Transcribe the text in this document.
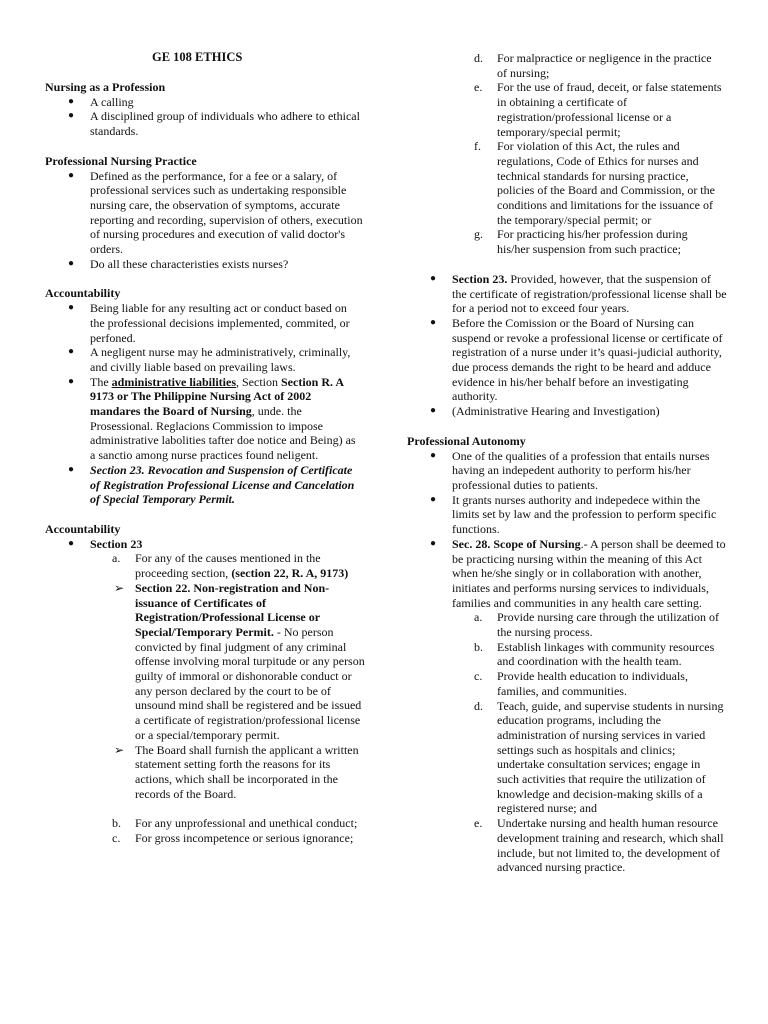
GE 108 ETHICS
Nursing as a Profession
● A calling
● A disciplined group of individuals who adhere to ethical standards.
Professional Nursing Practice
● Defined as the performance, for a fee or a salary, of professional services such as undertaking responsible nursing care, the observation of symptoms, accurate reporting and recording, supervision of others, execution of nursing procedures and execution of valid doctor's orders.
● Do all these characteristies exists nurses?
Accountability
● Being liable for any resulting act or conduct based on the professional decisions implemented, commited, or perfoned.
● A negligent nurse may he administratively, criminally, and civilly liable based on prevailing laws.
● The administrative liabilities, Section Section R. A 9173 or The Philippine Nursing Act of 2002 mandares the Board of Nursing, unde. the Prosessional. Reglacions Commission to impose administrative labolities tafter doe notice and Being) as a sanctio among nurse practices found neligent.
● Section 23. Revocation and Suspension of Certificate of Registration Professional License and Cancelation of Special Temporary Permit.
Accountability
● Section 23
a. For any of the causes mentioned in the proceeding section, (section 22, R. A, 9173)
➢ Section 22. Non-registration and Non-issuance of Certificates of Registration/Professional License or Special/Temporary Permit. - No person convicted by final judgment of any criminal offense involving moral turpitude or any person guilty of immoral or dishonorable conduct or any person declared by the court to be of unsound mind shall be registered and be issued a certificate of registration/professional license or a special/temporary permit.
➢ The Board shall furnish the applicant a written statement setting forth the reasons for its actions, which shall be incorporated in the records of the Board.
b. For any unprofessional and unethical conduct;
c. For gross incompetence or serious ignorance;
d. For malpractice or negligence in the practice of nursing;
e. For the use of fraud, deceit, or false statements in obtaining a certificate of registration/professional license or a temporary/special permit;
f. For violation of this Act, the rules and regulations, Code of Ethics for nurses and technical standards for nursing practice, policies of the Board and Commission, or the conditions and limitations for the issuance of the temporary/special permit; or
g. For practicing his/her profession during his/her suspension from such practice;
● Section 23. Provided, however, that the suspension of the certificate of registration/professional license shall be for a period not to exceed four years.
● Before the Comission or the Board of Nursing can suspend or revoke a professional license or certificate of registration of a nurse under it’s quasi-judicial authority, due process demands the right to be heard and adduce evidence in his/her behalf before an investigating authority.
● (Administrative Hearing and Investigation)
Professional Autonomy
● One of the qualities of a profession that entails nurses having an indepedent authority to perform his/her professional duties to patients.
● It grants nurses authority and indepedece within the limits set by law and the profession to perform specific functions.
● Sec. 28. Scope of Nursing.- A person shall be deemed to be practicing nursing within the meaning of this Act when he/she singly or in collaboration with another, initiates and performs nursing services to individuals, families and communities in any health care setting.
a. Provide nursing care through the utilization of the nursing process.
b. Establish linkages with community resources and coordination with the health team.
c. Provide health education to individuals, families, and communities.
d. Teach, guide, and supervise students in nursing education programs, including the administration of nursing services in varied settings such as hospitals and clinics; undertake consultation services; engage in such activities that require the utilization of knowledge and decision-making skills of a registered nurse; and
e. Undertake nursing and health human resource development training and research, which shall include, but not limited to, the development of advanced nursing practice.
